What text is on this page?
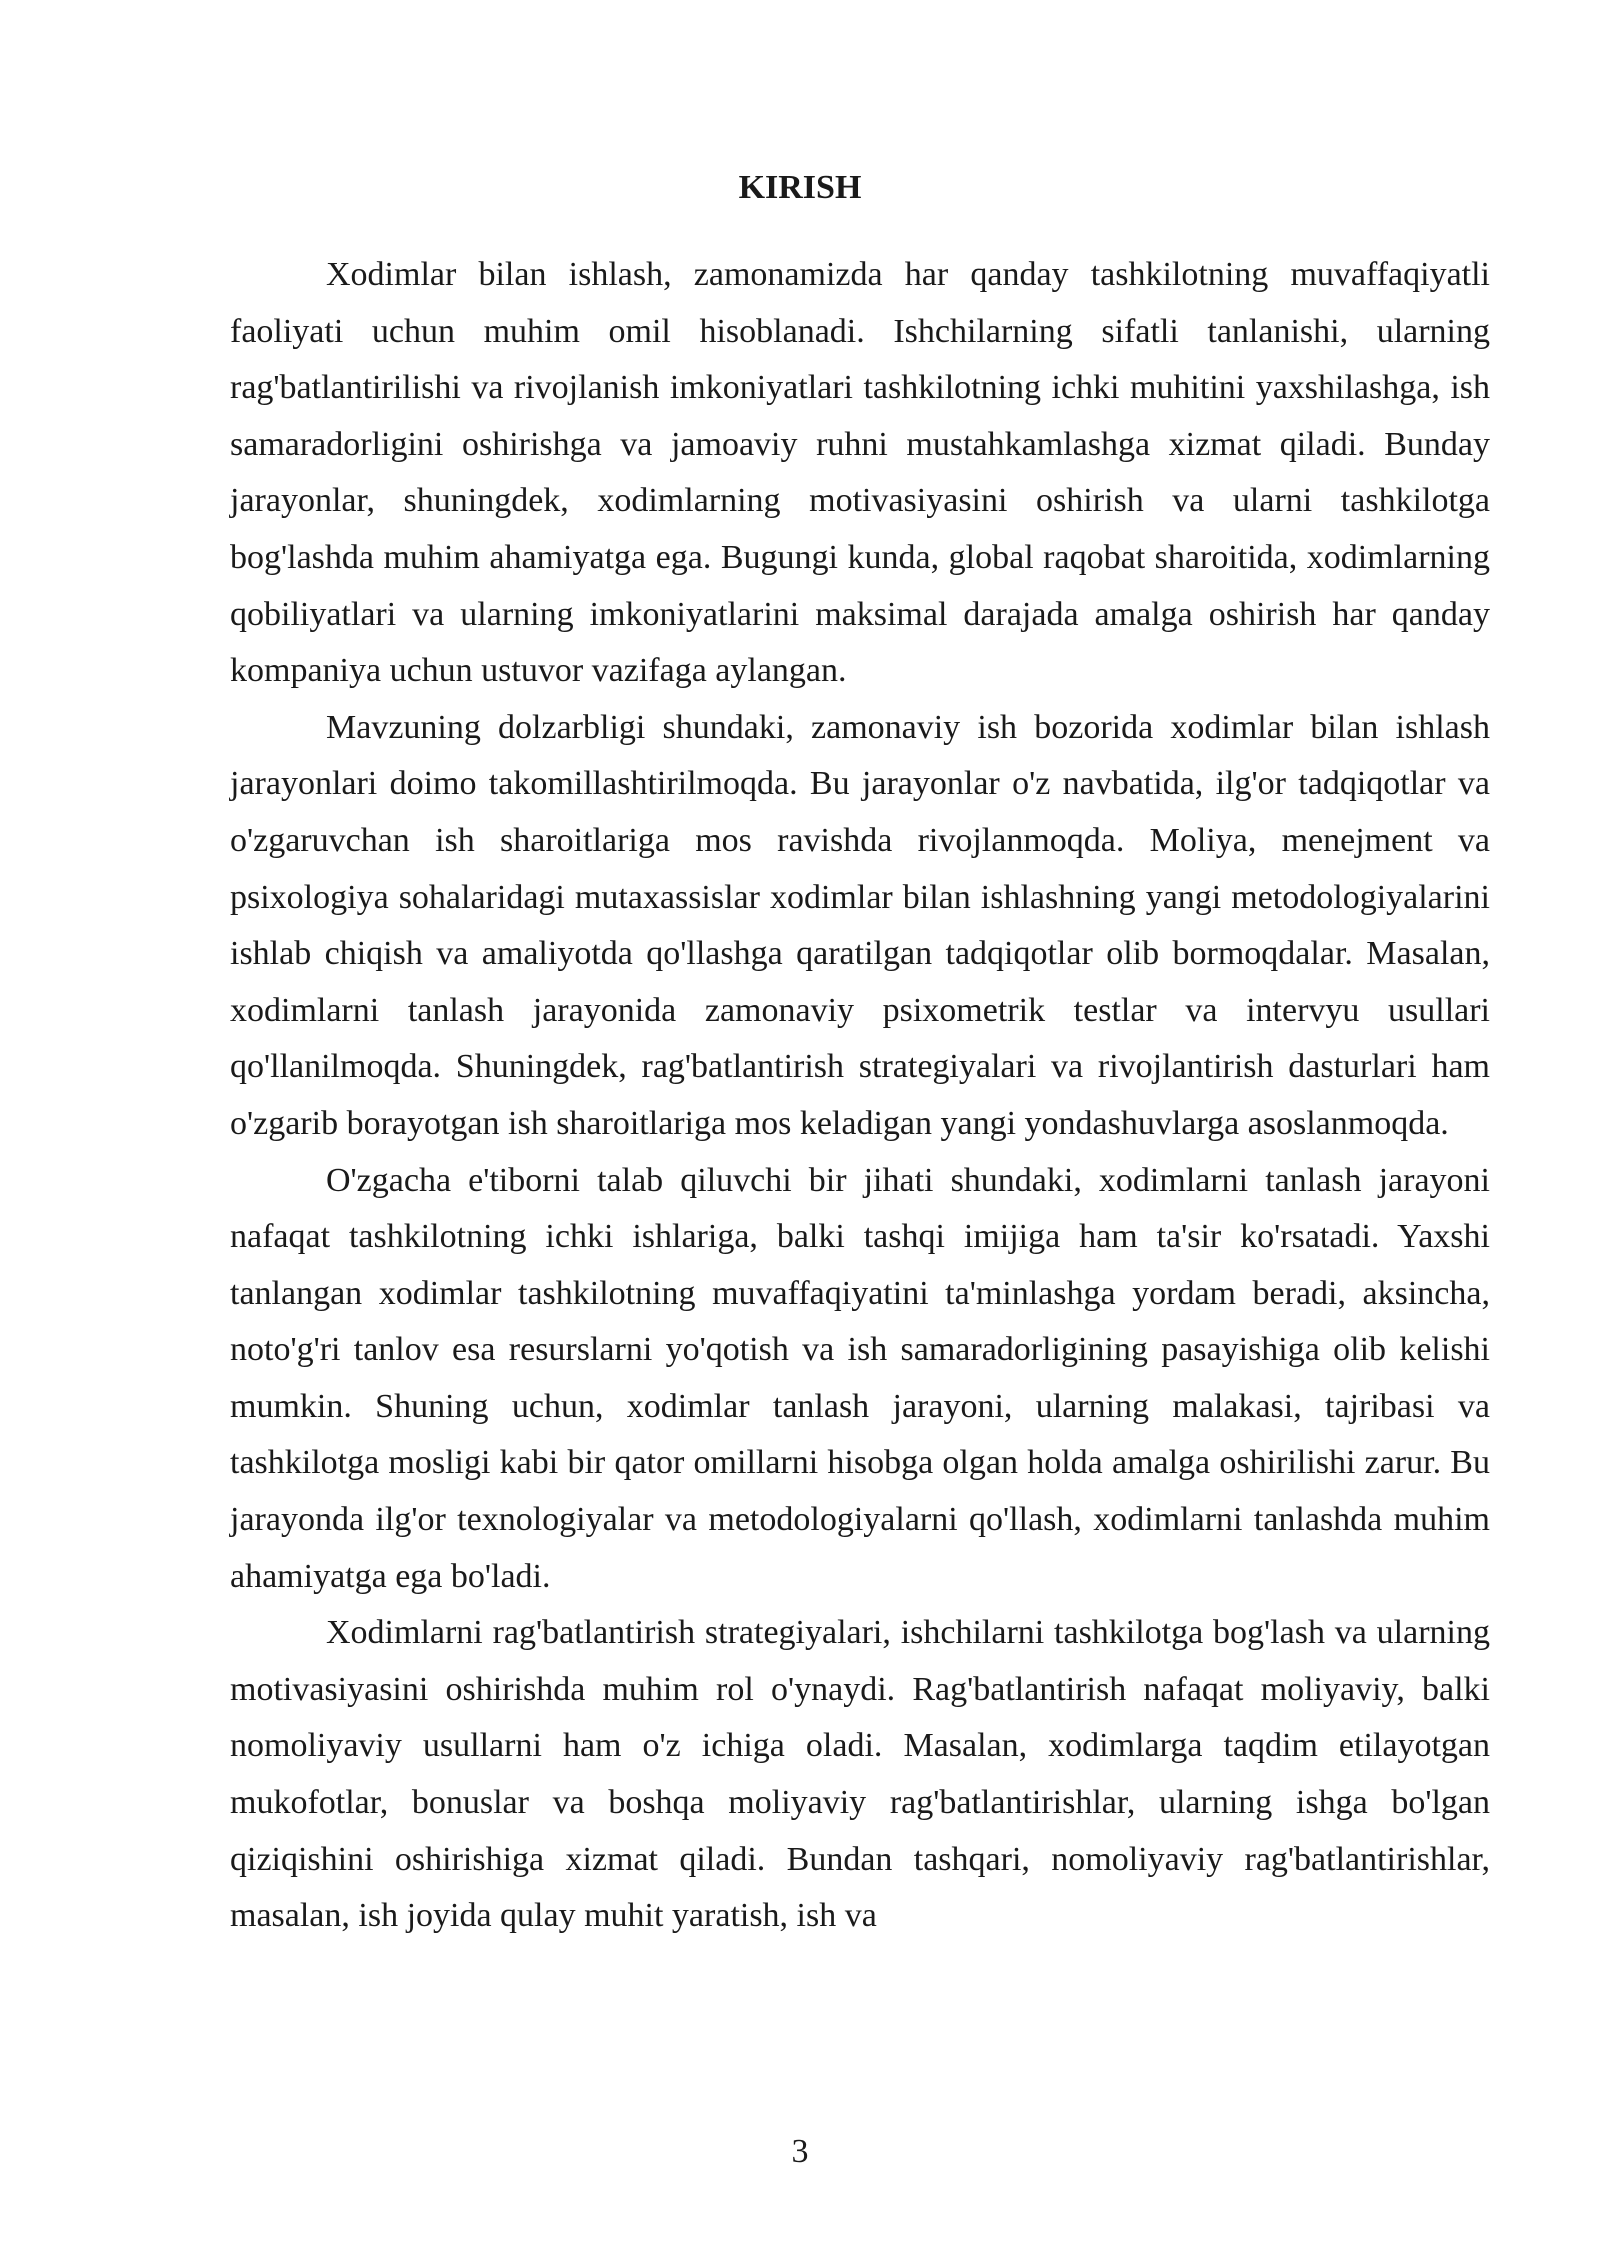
KIRISH

Xodimlar bilan ishlash, zamonamizda har qanday tashkilotning muvaffaqiyatli faoliyati uchun muhim omil hisoblanadi. Ishchilarning sifatli tanlanishi, ularning rag'batlantirilishi va rivojlanish imkoniyatlari tashkilotning ichki muhitini yaxshilashga, ish samaradorligini oshirishga va jamoaviy ruhni mustahkamlashga xizmat qiladi. Bunday jarayonlar, shuningdek, xodimlarning motivasiyasini oshirish va ularni tashkilotga bog'lashda muhim ahamiyatga ega. Bugungi kunda, global raqobat sharoitida, xodimlarning qobiliyatlari va ularning imkoniyatlarini maksimal darajada amalga oshirish har qanday kompaniya uchun ustuvor vazifaga aylangan.

Mavzuning dolzarbligi shundaki, zamonaviy ish bozorida xodimlar bilan ishlash jarayonlari doimo takomillashtirilmoqda. Bu jarayonlar o'z navbatida, ilg'or tadqiqotlar va o'zgaruvchan ish sharoitlariga mos ravishda rivojlanmoqda. Moliya, menejment va psixologiya sohalaridagi mutaxassislar xodimlar bilan ishlashning yangi metodologiyalarini ishlab chiqish va amaliyotda qo'llashga qaratilgan tadqiqotlar olib bormoqdalar. Masalan, xodimlarni tanlash jarayonida zamonaviy psixometrik testlar va intervyu usullari qo'llanilmoqda. Shuningdek, rag'batlantirish strategiyalari va rivojlantirish dasturlari ham o'zgarib borayotgan ish sharoitlariga mos keladigan yangi yondashuvlarga asoslanmoqda.

O'zgacha e'tiborni talab qiluvchi bir jihati shundaki, xodimlarni tanlash jarayoni nafaqat tashkilotning ichki ishlariga, balki tashqi imijiga ham ta'sir ko'rsatadi. Yaxshi tanlangan xodimlar tashkilotning muvaffaqiyatini ta'minlashga yordam beradi, aksincha, noto'g'ri tanlov esa resurslarni yo'qotish va ish samaradorligining pasayishiga olib kelishi mumkin. Shuning uchun, xodimlar tanlash jarayoni, ularning malakasi, tajribasi va tashkilotga mosligi kabi bir qator omillarni hisobga olgan holda amalga oshirilishi zarur. Bu jarayonda ilg'or texnologiyalar va metodologiyalarni qo'llash, xodimlarni tanlashda muhim ahamiyatga ega bo'ladi.

Xodimlarni rag'batlantirish strategiyalari, ishchilarni tashkilotga bog'lash va ularning motivasiyasini oshirishda muhim rol o'ynaydi. Rag'batlantirish nafaqat moliyaviy, balki nomoliyaviy usullarni ham o'z ichiga oladi. Masalan, xodimlarga taqdim etilayotgan mukofotlar, bonuslar va boshqa moliyaviy rag'batlantirishlar, ularning ishga bo'lgan qiziqishini oshirishiga xizmat qiladi. Bundan tashqari, nomoliyaviy rag'batlantirishlar, masalan, ish joyida qulay muhit yaratish, ish va

3
